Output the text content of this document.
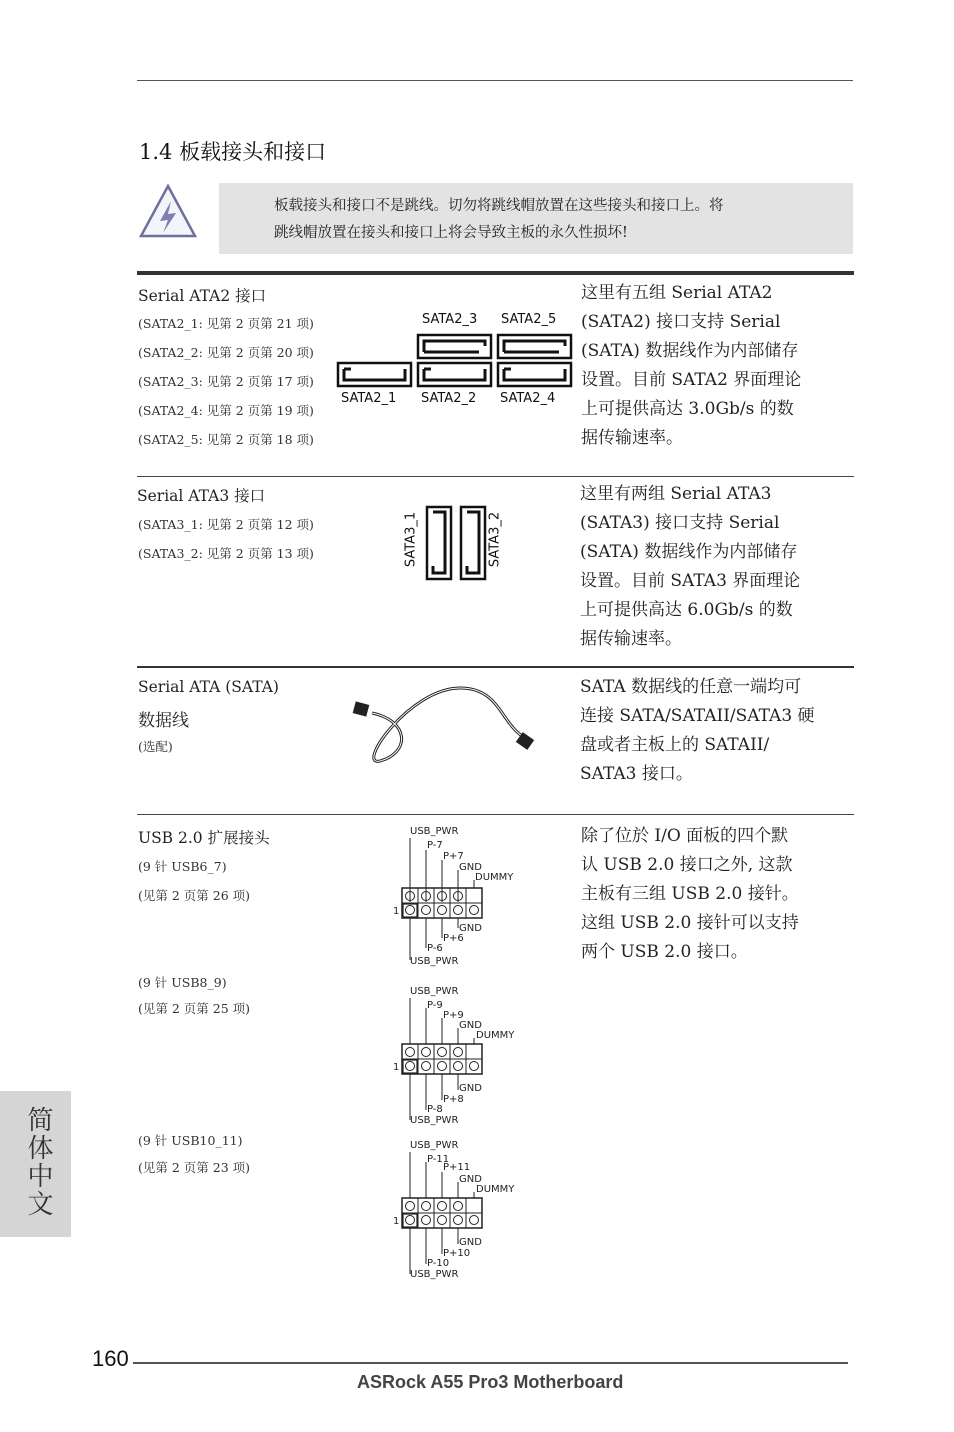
1.4 板载接头和接口
板载接头和接口不是跳线。切勿将跳线帽放置在这些接头和接口上。将
跳线帽放置在接头和接口上将会导致主板的永久性损坏!
Serial ATA2 接口
(SATA2_1: 见第 2 页第 21 项)
(SATA2_2: 见第 2 页第 20 项)
(SATA2_3: 见第 2 页第 17 项)
(SATA2_4: 见第 2 页第 19 项)
(SATA2_5: 见第 2 页第 18 项)
SATA2_3 SATA2_5
SATA2_1 SATA2_2 SATA2_4
这里有五组 Serial ATA2
(SATA2) 接口支持 Serial
(SATA) 数据线作为内部储存
设置。目前 SATA2 界面理论
上可提供高达 3.0Gb/s 的数
据传输速率。
Serial ATA3 接口
(SATA3_1: 见第 2 页第 12 项)
(SATA3_2: 见第 2 页第 13 项)	SATA3_1	SATA3_2
这里有两组 Serial ATA3
(SATA3) 接口支持 Serial
(SATA) 数据线作为内部储存
设置。目前 SATA3 界面理论
上可提供高达 6.0Gb/s 的数
据传输速率。
Serial ATA (SATA)
数据线
(选配)
SATA 数据线的任意一端均可
连接 SATA/SATAII/SATA3 硬
盘或者主板上的 SATAII/
SATA3 接口。
USB 2.0 扩展接头
(9 针 USB6_7)
(见第 2 页第 26 项)
(9 针 USB8_9)
(见第 2 页第 25 项)
(9 针 USB10_11)
(见第 2 页第 23 项)
USB_PWR
P-7
P+7
GND
DUMMY
1
GND
P+6
P-6
USB_PWR
USB_PWR
P-9
P+9
GND
DUMMY
1
GND
P+8
P-8
USB_PWR
USB_PWR
P-11
P+11
GND
DUMMY
1
GND
P+10
P-10
USB_PWR
除了位於 I/O 面板的四个默
认 USB 2.0 接口之外, 这款
主板有三组 USB 2.0 接针。
这组 USB 2.0 接针可以支持
两个 USB 2.0 接口。
简体中文
160
ASRock A55 Pro3 Motherboard
